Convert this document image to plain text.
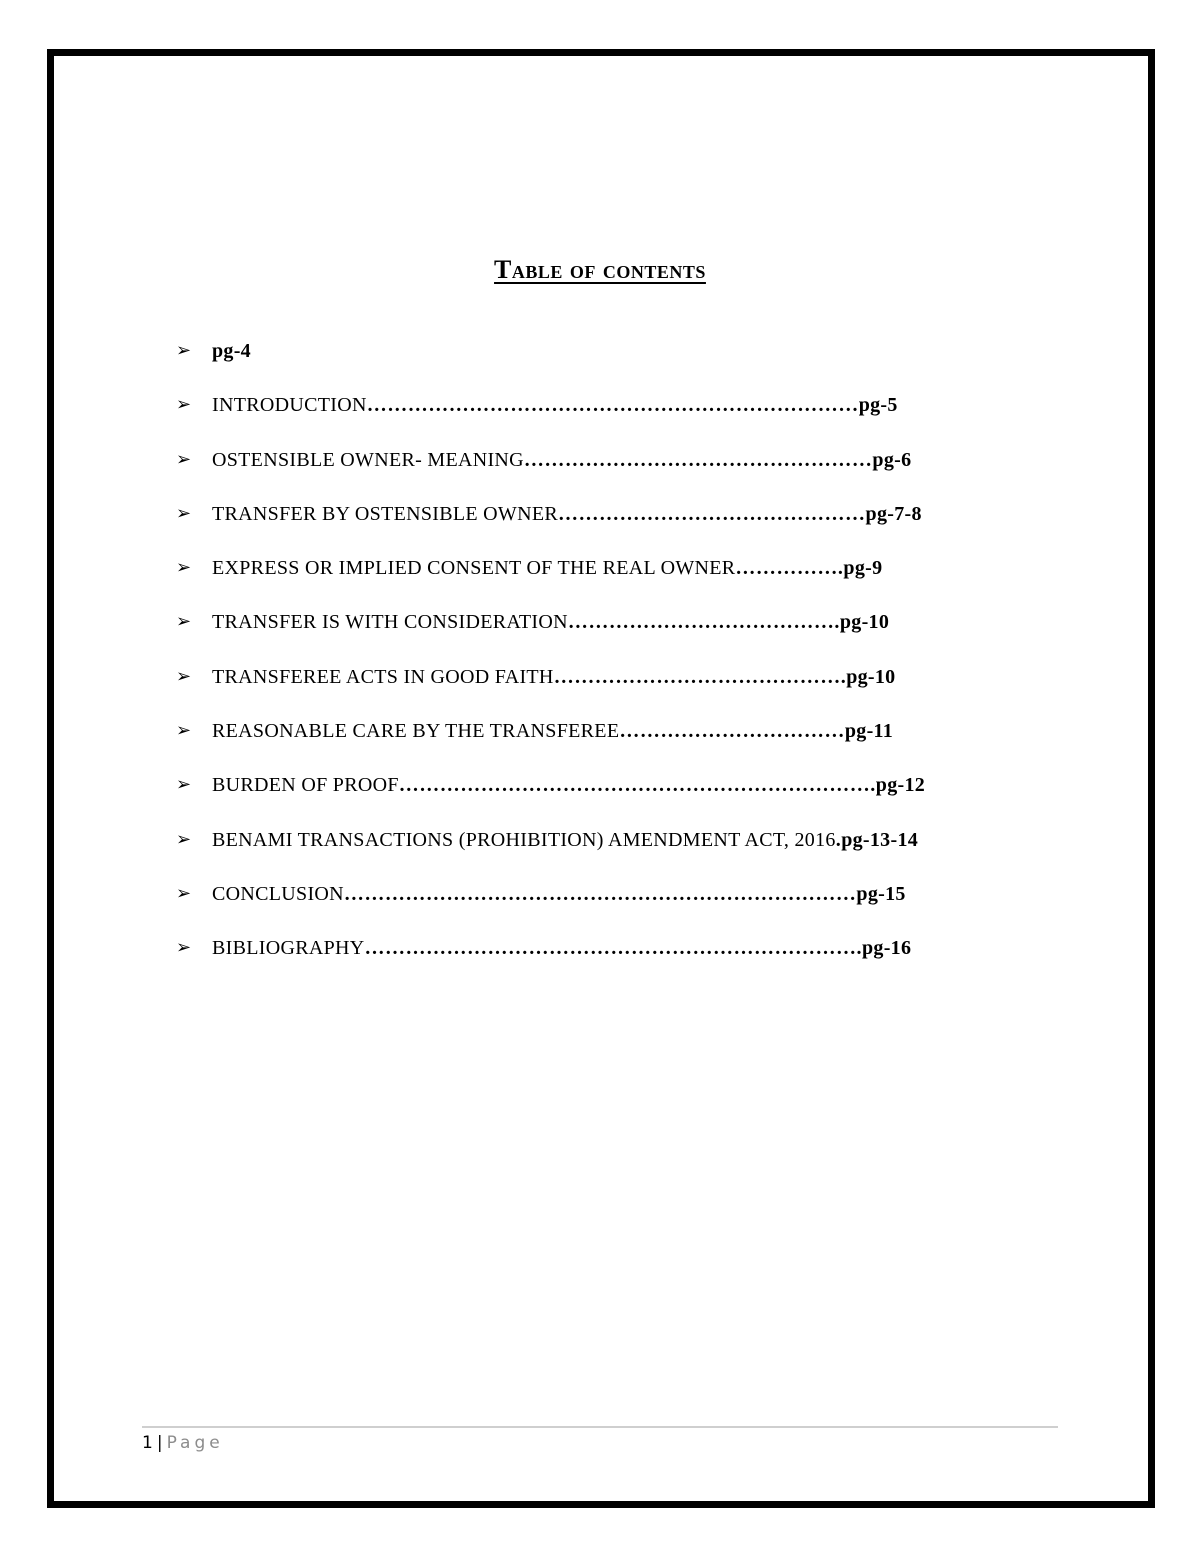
Table of contents
➢ pg-4
➢ INTRODUCTION………………………………………………………………pg-5
➢ OSTENSIBLE OWNER- MEANING……………………………………………pg-6
➢ TRANSFER BY OSTENSIBLE OWNER………………………………………pg-7-8
➢ EXPRESS OR IMPLIED CONSENT OF THE REAL OWNER…………….pg-9
➢ TRANSFER IS WITH CONSIDERATION………………………………….pg-10
➢ TRANSFEREE ACTS IN GOOD FAITH…………………………………….pg-10
➢ REASONABLE CARE BY THE TRANSFEREE……………………………pg-11
➢ BURDEN OF PROOF…………………………………………………………….pg-12
➢ BENAMI TRANSACTIONS (PROHIBITION) AMENDMENT ACT, 2016.pg-13-14
➢ CONCLUSION…………………………………………………………………pg-15
➢ BIBLIOGRAPHY……………………………………………………………….pg-16
1 | Page
